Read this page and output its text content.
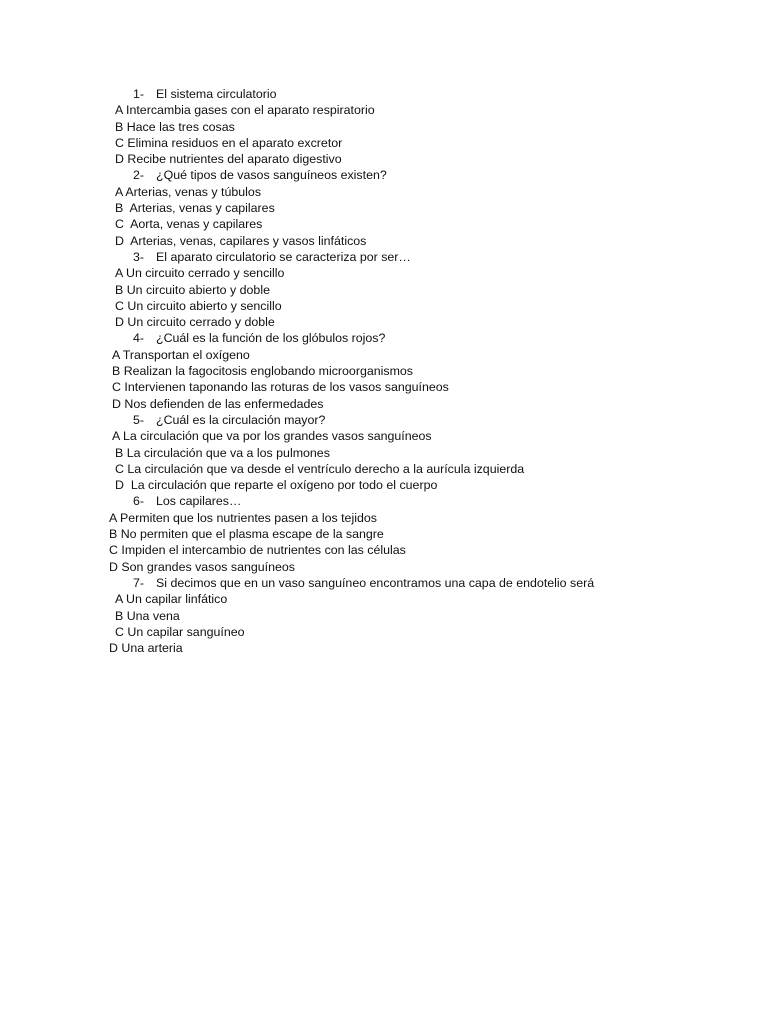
1- El sistema circulatorio
A Intercambia gases con el aparato respiratorio
B Hace las tres cosas
C Elimina residuos en el aparato excretor
D Recibe nutrientes del aparato digestivo
2- ¿Qué tipos de vasos sanguíneos existen?
A Arterias, venas y túbulos
B  Arterias, venas y capilares
C  Aorta, venas y capilares
D  Arterias, venas, capilares y vasos linfáticos
3- El aparato circulatorio se caracteriza por ser…
A Un circuito cerrado y sencillo
B Un circuito abierto y doble
C Un circuito abierto y sencillo
D Un circuito cerrado y doble
4- ¿Cuál es la función de los glóbulos rojos?
A Transportan el oxígeno
B Realizan la fagocitosis englobando microorganismos
C Intervienen taponando las roturas de los vasos sanguíneos
D Nos defienden de las enfermedades
5- ¿Cuál es la circulación mayor?
A La circulación que va por los grandes vasos sanguíneos
B La circulación que va a los pulmones
C La circulación que va desde el ventrículo derecho a la aurícula izquierda
D  La circulación que reparte el oxígeno por todo el cuerpo
6- Los capilares…
A Permiten que los nutrientes pasen a los tejidos
B No permiten que el plasma escape de la sangre
C Impiden el intercambio de nutrientes con las células
D Son grandes vasos sanguíneos
7- Si decimos que en un vaso sanguíneo encontramos una capa de endotelio será
A Un capilar linfático
B Una vena
C Un capilar sanguíneo
D Una arteria
